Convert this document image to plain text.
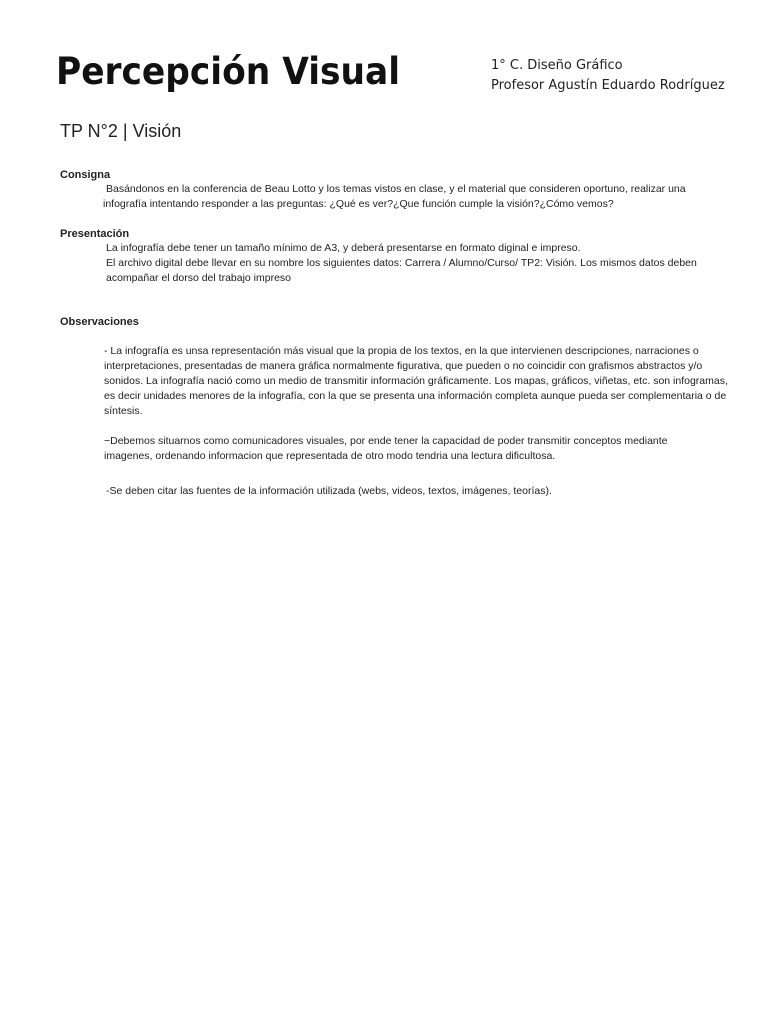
Percepción Visual	1° C. Diseño Gráfico
Profesor Agustín Eduardo Rodríguez
TP N°2 | Visión
Consigna
Basándonos en la conferencia de Beau Lotto y los temas vistos en clase, y el material que consideren oportuno, realizar una infografía intentando responder a las preguntas: ¿Qué es ver?¿Que función cumple la visión?¿Cómo vemos?
Presentación
La infografía debe tener un tamaño mínimo de A3, y deberá presentarse en formato diginal e impreso.
El archivo digital debe llevar en su nombre los siguientes datos: Carrera / Alumno/Curso/ TP2: Visión. Los mismos datos deben acompañar el dorso del trabajo impreso
Observaciones
- La infografía es unsa representación más visual que la propia de los textos, en la que intervienen descripciones, narraciones o interpretaciones, presentadas de manera gráfica normalmente figurativa, que pueden o no coincidir con grafismos abstractos y/o sonidos. La infografía nació como un medio de transmitir información gráficamente. Los mapas, gráficos, viñetas, etc. son infogramas, es decir unidades menores de la infografía, con la que se presenta una información completa aunque pueda ser complementaria o de síntesis.
−Debemos situarnos como comunicadores visuales, por ende tener la capacidad de poder transmitir conceptos mediante imagenes, ordenando informacion que representada de otro modo tendria una lectura dificultosa.
-Se deben citar las fuentes de la información utilizada (webs, videos, textos, imágenes, teorías).
